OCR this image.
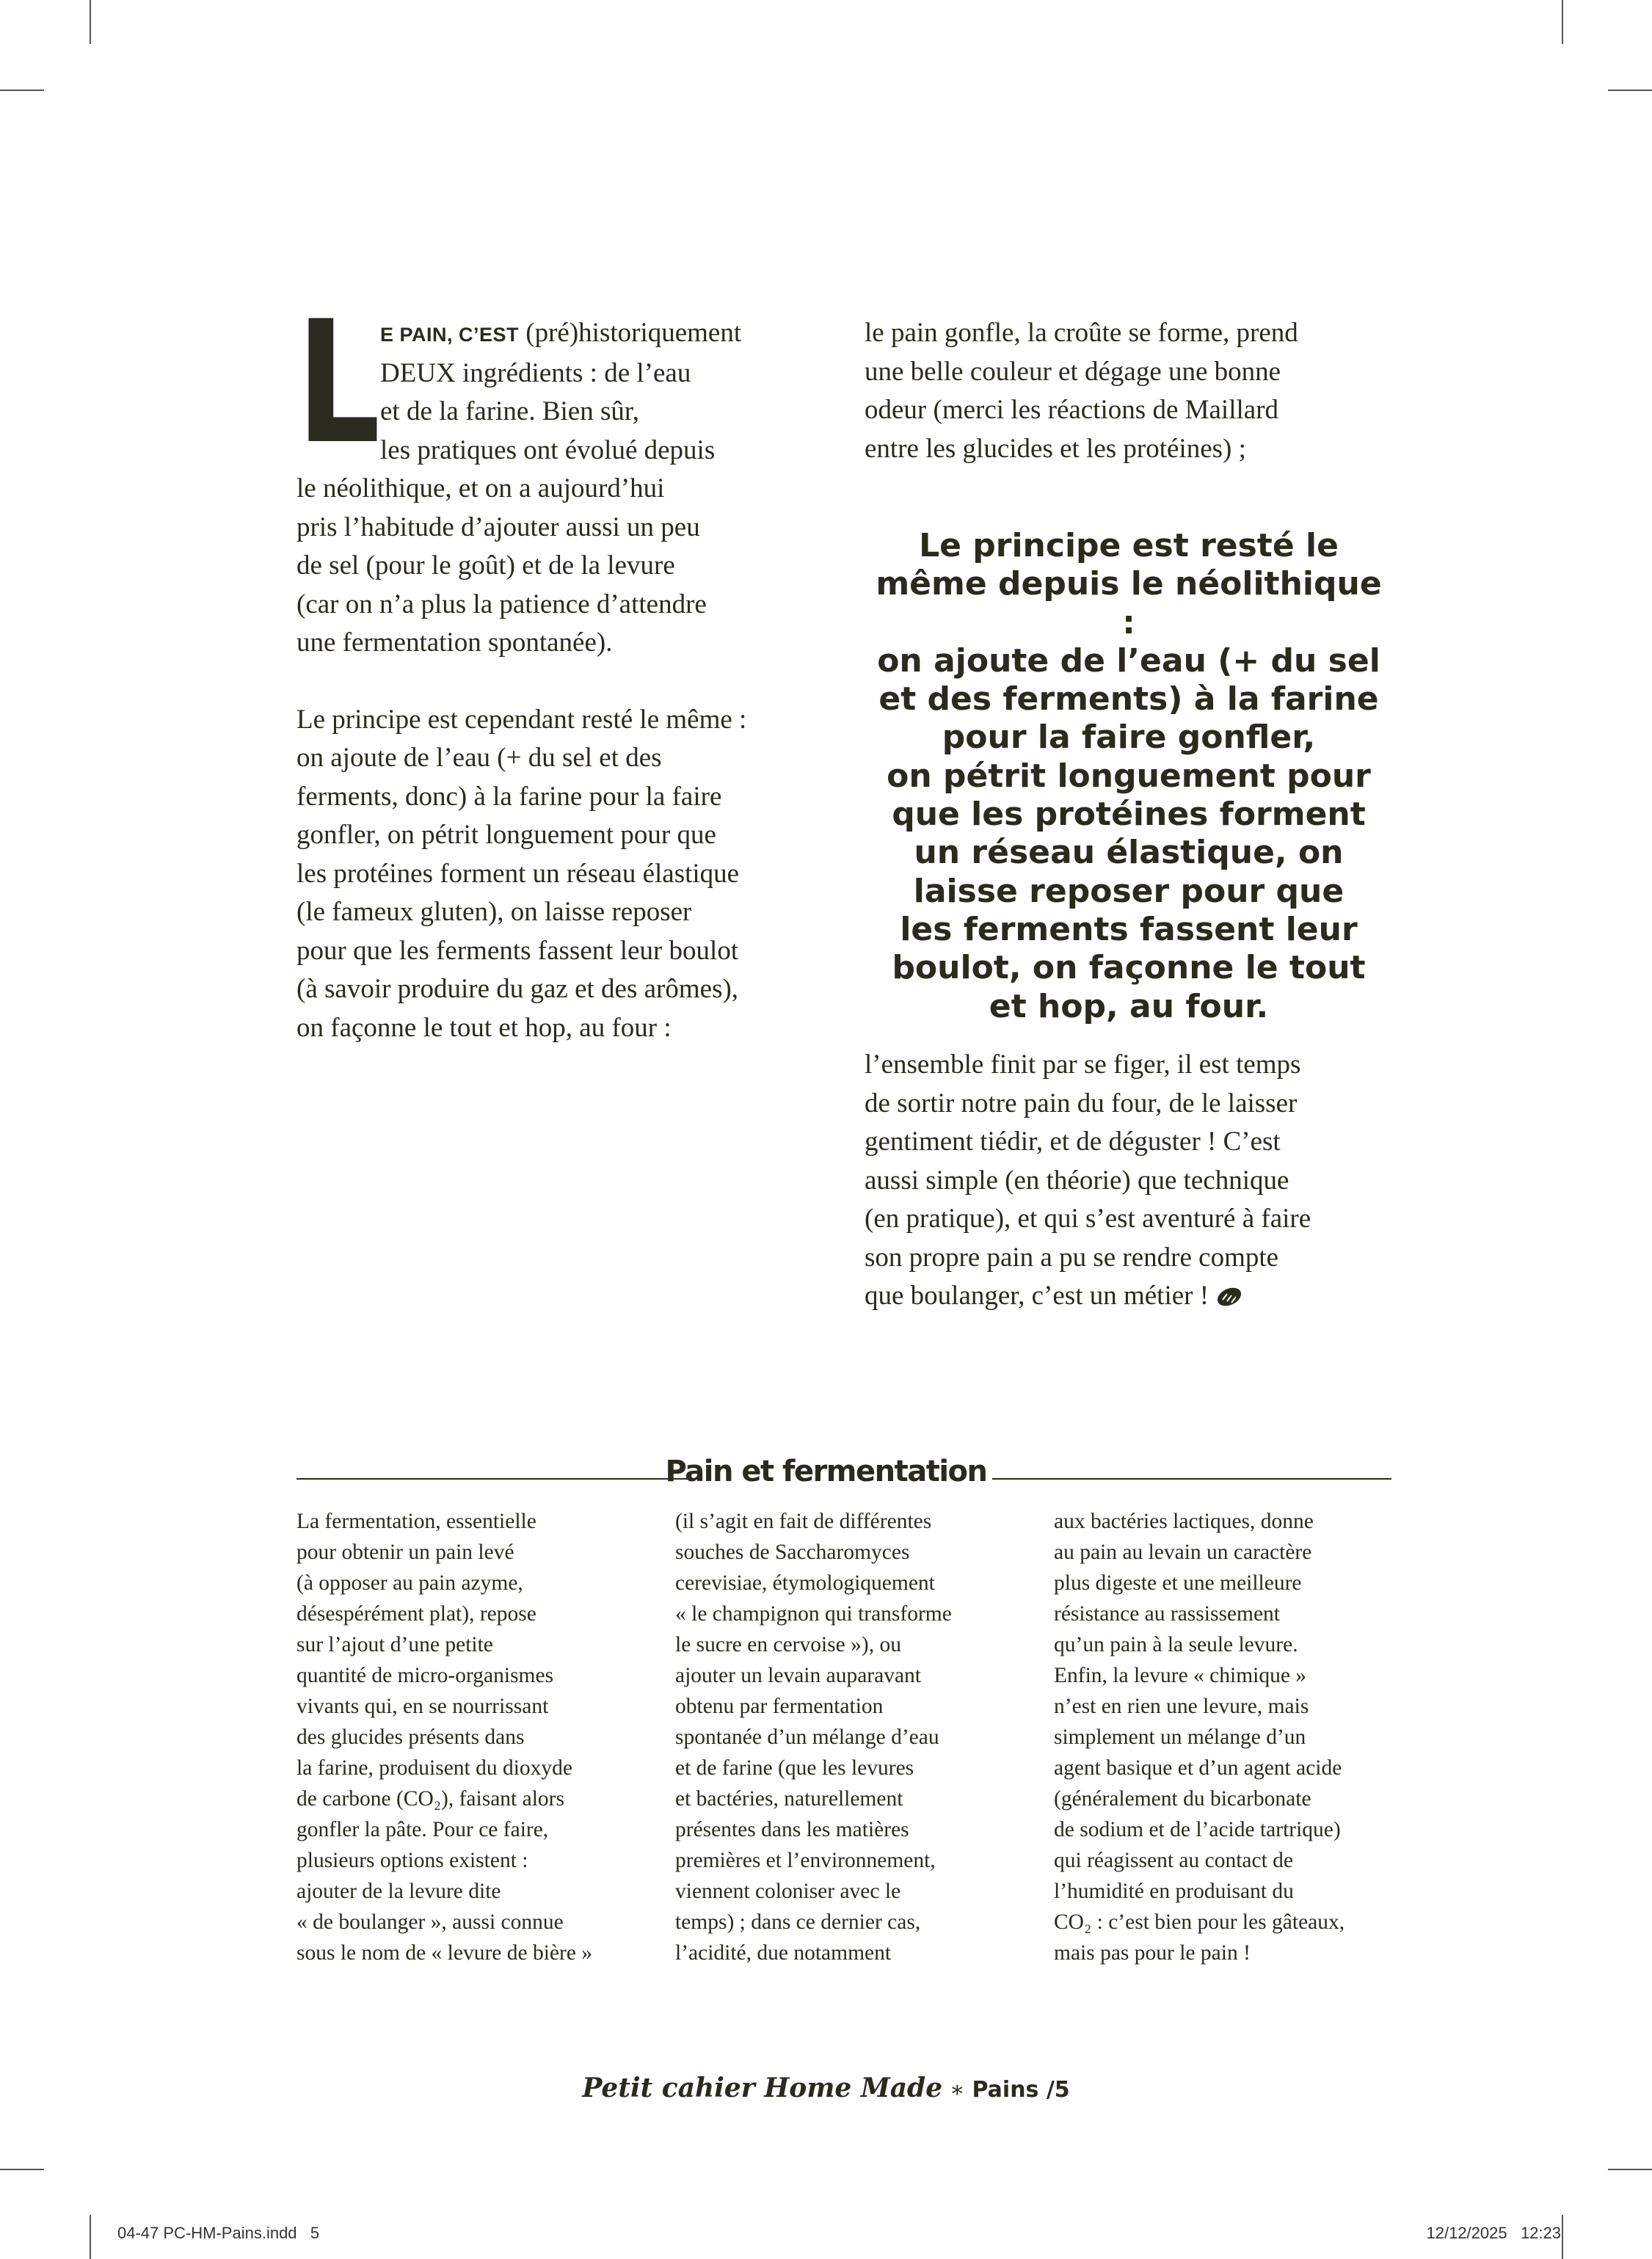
L E PAIN, C’EST (pré)historiquement
DEUX ingrédients : de l’eau
et de la farine. Bien sûr,
les pratiques ont évolué depuis

le néolithique, et on a aujourd’hui

pris l’habitude d’ajouter aussi un peu

de sel (pour le goût) et de la levure

(car on n’a plus la patience d’attendre

une fermentation spontanée).

Le principe est cependant resté le même :

on ajoute de l’eau (+ du sel et des

ferments, donc) à la farine pour la faire

gonfler, on pétrit longuement pour que

les protéines forment un réseau élastique

(le fameux gluten), on laisse reposer

pour que les ferments fassent leur boulot

(à savoir produire du gaz et des arômes),

on façonne le tout et hop, au four :

le pain gonfle, la croûte se forme, prend

une belle couleur et dégage une bonne

odeur (merci les réactions de Maillard

entre les glucides et les protéines) ;

Le principe est resté le
même depuis le néolithique :
on ajoute de l’eau (+ du sel
et des ferments) à la farine
pour la faire gonfler,
on pétrit longuement pour
que les protéines forment
un réseau élastique, on
laisse reposer pour que
les ferments fassent leur
boulot, on façonne le tout
et hop, au four.

l’ensemble finit par se figer, il est temps

de sortir notre pain du four, de le laisser

gentiment tiédir, et de déguster ! C’est

aussi simple (en théorie) que technique

(en pratique), et qui s’est aventuré à faire

son propre pain a pu se rendre compte

que boulanger, c’est un métier !

Pain et fermentation
La fermentation, essentielle
pour obtenir un pain levé
(à opposer au pain azyme,
désespérément plat), repose
sur l’ajout d’une petite
quantité de micro-organismes
vivants qui, en se nourrissant
des glucides présents dans
la farine, produisent du dioxyde
de carbone (CO₂), faisant alors
gonfler la pâte. Pour ce faire,
plusieurs options existent :
ajouter de la levure dite
« de boulanger », aussi connue
sous le nom de « levure de bière »
(il s’agit en fait de différentes
souches de Saccharomyces
cerevisiae, étymologiquement
« le champignon qui transforme
le sucre en cervoise »), ou
ajouter un levain auparavant
obtenu par fermentation
spontanée d’un mélange d’eau
et de farine (que les levures
et bactéries, naturellement
présentes dans les matières
premières et l’environnement,
viennent coloniser avec le
temps) ; dans ce dernier cas,
l’acidité, due notamment
aux bactéries lactiques, donne
au pain au levain un caractère
plus digeste et une meilleure
résistance au rassissement
qu’un pain à la seule levure.
Enfin, la levure « chimique »
n’est en rien une levure, mais
simplement un mélange d’un
agent basique et d’un agent acide
(généralement du bicarbonate
de sodium et de l’acide tartrique)
qui réagissent au contact de
l’humidité en produisant du
CO₂ : c’est bien pour les gâteaux,
mais pas pour le pain !
Petit cahier Home Made ∗ Pains /5
04-47 PC-HM-Pains.indd   5	12/12/2025   12:23
